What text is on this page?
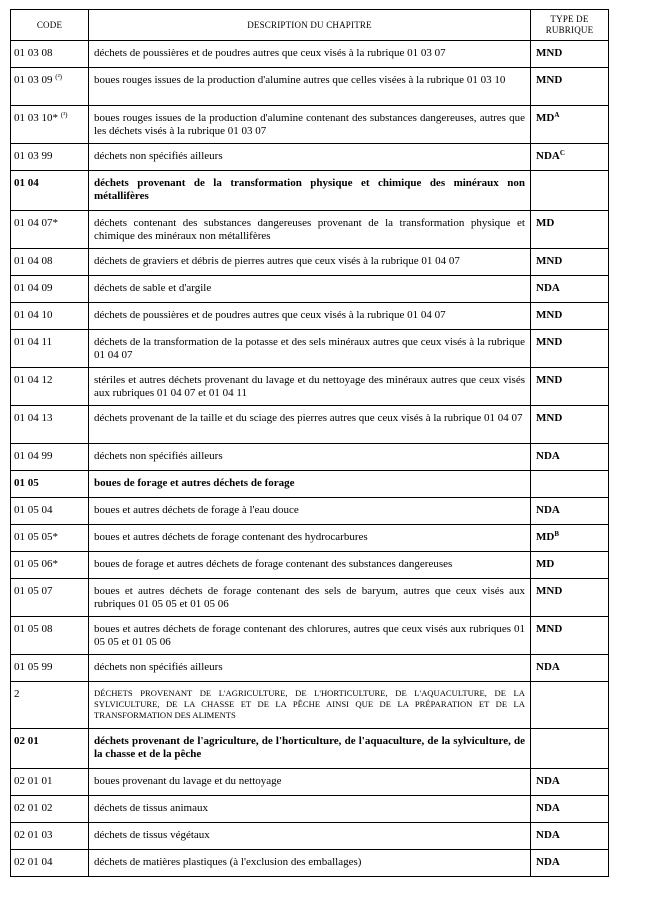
CODE	DESCRIPTION DU CHAPITRE	TYPE DE
RUBRIQUE
01 03 08	déchets de poussières et de poudres autres que ceux visés à la rubrique 01 03 07	MND
01 03 09 $^{(^2)}$	boues rouges issues de la production d'alumine autres que celles visées à la rubrique 01 03 10	MND
01 03 10* $^{(^3)}$	boues rouges issues de la production d'alumine contenant des substances dangereuses, autres que les déchets visés à la rubrique 01 03 07	$MD^A$
01 03 99	déchets non spécifiés ailleurs	$NDA^C$
01 04	déchets provenant de la transformation physique et chimique des minéraux non métallifères	
01 04 07*	déchets contenant des substances dangereuses provenant de la transformation physique et chimique des minéraux non métallifères	MD
01 04 08	déchets de graviers et débris de pierres autres que ceux visés à la rubrique 01 04 07	MND
01 04 09	déchets de sable et d'argile	NDA
01 04 10	déchets de poussières et de poudres autres que ceux visés à la rubrique 01 04 07	MND
01 04 11	déchets de la transformation de la potasse et des sels minéraux autres que ceux visés à la rubrique 01 04 07	MND
01 04 12	stériles et autres déchets provenant du lavage et du nettoyage des minéraux autres que ceux visés aux rubriques 01 04 07 et 01 04 11	MND
01 04 13	déchets provenant de la taille et du sciage des pierres autres que ceux visés à la rubrique 01 04 07	MND
01 04 99	déchets non spécifiés ailleurs	NDA
01 05	boues de forage et autres déchets de forage	
01 05 04	boues et autres déchets de forage à l'eau douce	NDA
01 05 05*	boues et autres déchets de forage contenant des hydrocarbures	$MD^B$
01 05 06*	boues de forage et autres déchets de forage contenant des substances dangereuses	MD
01 05 07	boues et autres déchets de forage contenant des sels de baryum, autres que ceux visés aux rubriques 01 05 05 et 01 05 06	MND
01 05 08	boues et autres déchets de forage contenant des chlorures, autres que ceux visés aux rubriques 01 05 05 et 01 05 06	MND
01 05 99	déchets non spécifiés ailleurs	NDA
2	DÉCHETS PROVENANT DE L'AGRICULTURE, DE L'HORTICULTURE, DE L'AQUACULTURE, DE LA SYLVICULTURE, DE LA CHASSE ET DE LA PÊCHE AINSI QUE DE LA PRÉPARATION ET DE LA TRANSFORMATION DES ALIMENTS	
02 01	déchets provenant de l'agriculture, de l'horticulture, de l'aquaculture, de la sylviculture, de la chasse et de la pêche	
02 01 01	boues provenant du lavage et du nettoyage	NDA
02 01 02	déchets de tissus animaux	NDA
02 01 03	déchets de tissus végétaux	NDA
02 01 04	déchets de matières plastiques (à l'exclusion des emballages)	NDA
